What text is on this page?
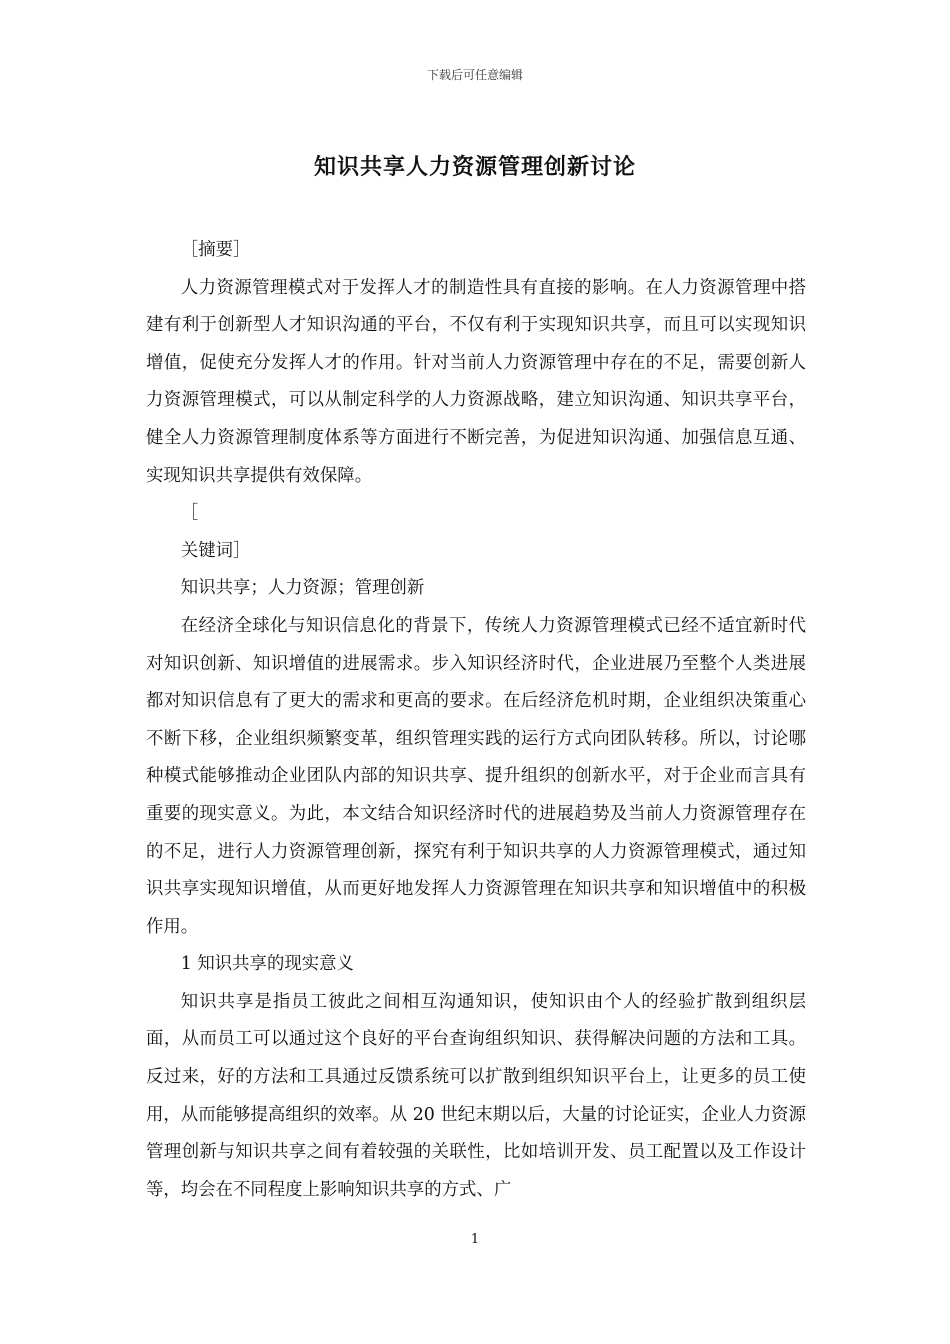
下载后可任意编辑
知识共享人力资源管理创新讨论

［摘要］

人力资源管理模式对于发挥人才的制造性具有直接的影响。在人力资源管理中搭建有利于创新型人才知识沟通的平台，不仅有利于实现知识共享，而且可以实现知识增值，促使充分发挥人才的作用。针对当前人力资源管理中存在的不足，需要创新人力资源管理模式，可以从制定科学的人力资源战略，建立知识沟通、知识共享平台，健全人力资源管理制度体系等方面进行不断完善，为促进知识沟通、加强信息互通、实现知识共享提供有效保障。

［

关键词］

知识共享；人力资源；管理创新

在经济全球化与知识信息化的背景下，传统人力资源管理模式已经不适宜新时代对知识创新、知识增值的进展需求。步入知识经济时代，企业进展乃至整个人类进展都对知识信息有了更大的需求和更高的要求。在后经济危机时期，企业组织决策重心不断下移，企业组织频繁变革，组织管理实践的运行方式向团队转移。所以，讨论哪种模式能够推动企业团队内部的知识共享、提升组织的创新水平，对于企业而言具有重要的现实意义。为此，本文结合知识经济时代的进展趋势及当前人力资源管理存在的不足，进行人力资源管理创新，探究有利于知识共享的人力资源管理模式，通过知识共享实现知识增值，从而更好地发挥人力资源管理在知识共享和知识增值中的积极作用。

1 知识共享的现实意义

知识共享是指员工彼此之间相互沟通知识，使知识由个人的经验扩散到组织层面，从而员工可以通过这个良好的平台查询组织知识、获得解决问题的方法和工具。反过来，好的方法和工具通过反馈系统可以扩散到组织知识平台上，让更多的员工使用，从而能够提高组织的效率。从 20 世纪末期以后，大量的讨论证实，企业人力资源管理创新与知识共享之间有着较强的关联性，比如培训开发、员工配置以及工作设计等，均会在不同程度上影响知识共享的方式、广

1
